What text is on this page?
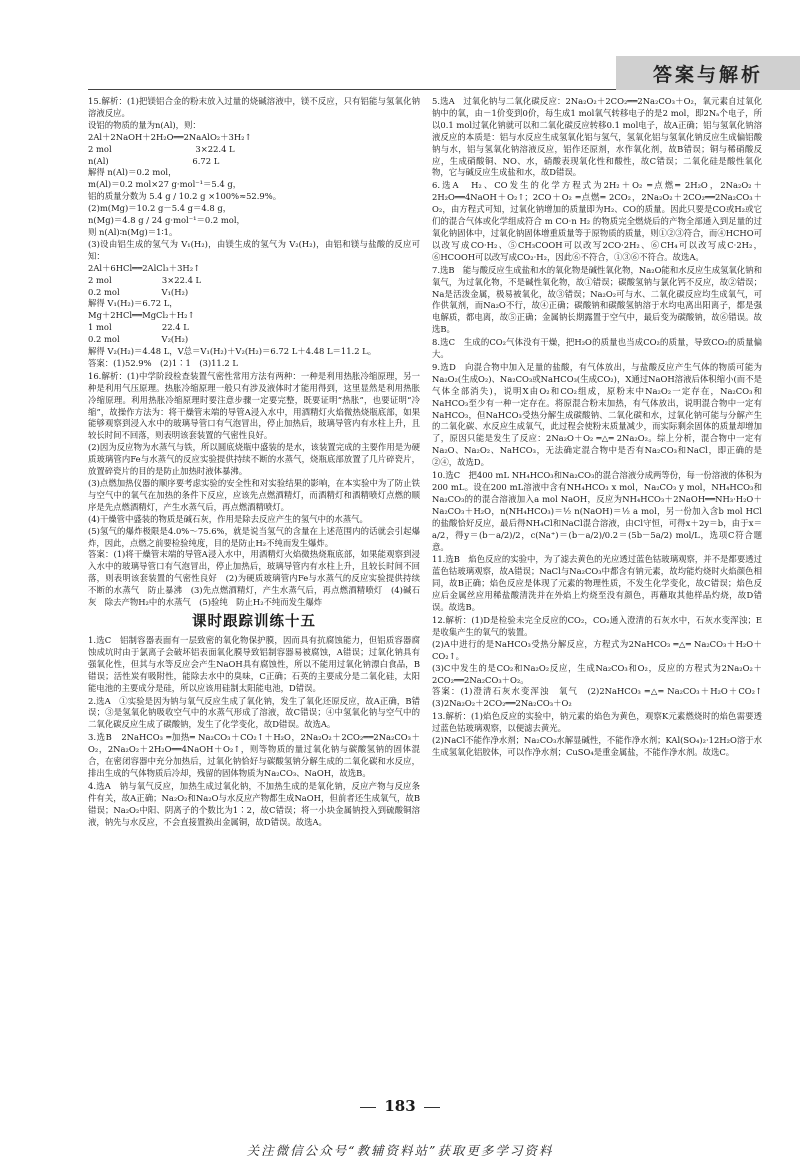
答案与解析
15.解析：(1)把镁铝合金的粉末放入过量的烧碱溶液中，镁不反应，只有铝能与氢氧化钠溶液反应。
设铝的物质的量为n(Al)，则：
2Al＋2NaOH＋2H₂O══2NaAlO₂＋3H₂↑
2 mol　　　　　　　　　　3×22.4 L
n(Al)　　　　　　　　　　6.72 L
解得 n(Al)＝0.2 mol，
m(Al)＝0.2 mol×27 g·mol⁻¹＝5.4 g，
铝的质量分数为 5.4 g / 10.2 g ×100%≈52.9%。
(2)m(Mg)＝10.2 g－5.4 g＝4.8 g，
n(Mg)＝4.8 g / 24 g·mol⁻¹＝0.2 mol，
则 n(Al)∶n(Mg)＝1∶1。
(3)设由铝生成的氢气为 V₁(H₂)，由镁生成的氢气为 V₂(H₂)，由铝和镁与盐酸的反应可知：
2Al＋6HCl══2AlCl₃＋3H₂↑
2 mol　　　　　　3×22.4 L
0.2 mol　　　　　V₁(H₂)
解得 V₁(H₂)＝6.72 L，
Mg＋2HCl══MgCl₂＋H₂↑
1 mol　　　　　　22.4 L
0.2 mol　　　　　V₂(H₂)
解得 V₂(H₂)＝4.48 L，V总＝V₁(H₂)＋V₂(H₂)＝6.72 L＋4.48 L＝11.2 L。
答案：(1)52.9%　(2)1∶1　(3)11.2 L
16.解析：(1)中学阶段检查装置气密性常用方法有两种：一种是利用热胀冷缩原理，另一种是利用气压原理。热胀冷缩原理一般只有涉及液体时才能用得到，这里显然是利用热胀冷缩原理。利用热胀冷缩原理时要注意步骤一定要完整，既要证明“热胀”，也要证明“冷缩”，故操作方法为：将干燥管末端的导管A浸入水中，用酒精灯火焰微热烧瓶底部，如果能够观察到浸入水中的玻璃导管口有气泡冒出，停止加热后，玻璃导管内有水柱上升，且较长时间不回落，则表明该套装置的气密性良好。
(2)因为反应物为水蒸气与铁，所以圆底烧瓶中盛装的是水，该装置完成的主要作用是为硬质玻璃管内Fe与水蒸气的反应实验提供持续不断的水蒸气，烧瓶底部放置了几片碎瓷片，放置碎瓷片的目的是防止加热时液体暴沸。
(3)点燃加热仪器的顺序要考虑实验的安全性和对实验结果的影响，在本实验中为了防止铁与空气中的氧气在加热的条件下反应，应该先点燃酒精灯，而酒精灯和酒精喷灯点燃的顺序是先点燃酒精灯，产生水蒸气后，再点燃酒精喷灯。
(4)干燥管中盛装的物质是碱石灰，作用是除去反应产生的氢气中的水蒸气。
(5)氢气的爆炸极限是4.0%～75.6%，就是说当氢气的含量在上述范围内的话就会引起爆炸，因此，点燃之前要检验纯度，目的是防止H₂不纯而发生爆炸。
答案：(1)将干燥管末端的导管A浸入水中，用酒精灯火焰微热烧瓶底部，如果能观察到浸入水中的玻璃导管口有气泡冒出，停止加热后，玻璃导管内有水柱上升，且较长时间不回落，则表明该套装置的气密性良好　(2)为硬质玻璃管内Fe与水蒸气的反应实验提供持续不断的水蒸气　防止暴沸　(3)先点燃酒精灯，产生水蒸气后，再点燃酒精喷灯　(4)碱石灰　除去产物H₂中的水蒸气　(5)验纯　防止H₂不纯而发生爆炸
课时跟踪训练十五
1.选C　铝制容器表面有一层致密的氧化物保护膜，因而具有抗腐蚀能力，但铝质容器腐蚀成坑时由于氯离子会破坏铝表面氧化膜导致铝制容器易被腐蚀，A错误；过氧化钠具有强氧化性，但其与水等反应会产生NaOH具有腐蚀性，所以不能用过氧化钠漂白食品，B错误；活性炭有吸附性，能除去水中的臭味，C正确；石英的主要成分是二氧化硅，太阳能电池的主要成分是硅，所以应该用硅制太阳能电池，D错误。
2.选A　①实验是因为钠与氧气反应生成了氧化钠，发生了氧化还原反应，故A正确，B错误；③是氢氧化钠吸收空气中的水蒸气形成了溶液，故C错误；④中氢氧化钠与空气中的二氧化碳反应生成了碳酸钠，发生了化学变化，故D错误。故选A。
3.选B　2NaHCO₃ ═加热═ Na₂CO₃＋CO₂↑＋H₂O，2Na₂O₂＋2CO₂══2Na₂CO₃＋O₂，2Na₂O₂＋2H₂O══4NaOH＋O₂↑，则等物质的量过氧化钠与碳酸氢钠的固体混合，在密闭容器中充分加热后，过氧化钠恰好与碳酸氢钠分解生成的二氧化碳和水反应，排出生成的气体物质后冷却，残留的固体物质为Na₂CO₃、NaOH，故选B。
4.选A　钠与氧气反应，加热生成过氧化钠，不加热生成的是氧化钠，反应产物与反应条件有关，故A正确；Na₂O₂和Na₂O与水反应产物都生成NaOH，但前者还生成氧气，故B错误；Na₂O₂中阳、阴离子的个数比为1∶2，故C错误；将一小块金属钠投入到硫酸铜溶液，钠先与水反应，不会直接置换出金属铜，故D错误。故选A。
5.选A　过氧化钠与二氧化碳反应：2Na₂O₂＋2CO₂══2Na₂CO₃＋O₂，氧元素自过氧化钠中的氧，由－1价变到0价，每生成1 mol氧气转移电子的是2 mol，即2Nₐ个电子，所以0.1 mol过氧化钠就可以和二氧化碳反应转移0.1 mol电子，故A正确；铝与氢氧化钠溶液反应的本质是：铝与水反应生成氢氧化铝与氢气，氢氧化铝与氢氧化钠反应生成偏铝酸钠与水，铝与氢氧化钠溶液反应，铝作还原剂，水作氧化剂，故B错误；铜与稀硝酸反应，生成硝酸铜、NO、水，硝酸表现氧化性和酸性，故C错误；二氧化硅是酸性氧化物，它与碱反应生成盐和水，故D错误。
6.选A　H₂、CO发生的化学方程式为2H₂＋O₂ ═点燃═ 2H₂O，2Na₂O₂＋2H₂O══4NaOH＋O₂↑；2CO＋O₂ ═点燃═ 2CO₂，2Na₂O₂＋2CO₂══2Na₂CO₃＋O₂，由方程式可知，过氧化钠增加的质量即为H₂、CO的质量。因此只要是CO或H₂或它们的混合气体或化学组成符合 m CO·n H₂ 的物质完全燃烧后的产物全部通入到足量的过氧化钠固体中，过氧化钠固体增重质量等于原物质的质量，则①②③符合，而④HCHO可以改写成CO·H₂、⑤CH₃COOH可以改写2CO·2H₂、⑥CH₄可以改写成C·2H₂，⑥HCOOH可以改写成CO₂·H₂，因此⑥不符合，①③⑥不符合。故选A。
7.选B　能与酸反应生成盐和水的氧化物是碱性氧化物，Na₂O能和水反应生成氢氧化钠和氧气，为过氧化物，不是碱性氧化物，故①错误；碳酸氢钠与氯化钙不反应，故②错误；Na是活泼金属，极易被氧化，故③错误；Na₂O₂可与水、二氧化碳反应均生成氧气，可作供氧剂，而Na₂O不行，故④正确；碳酸钠和碳酸氢钠溶于水均电离出阳离子，都是强电解质，都电离，故⑤正确；金属钠长期露置于空气中，最后变为碳酸钠，故⑥错误。故选B。
8.选C　生成的CO₂气体没有干燥，把H₂O的质量也当成CO₂的质量，导致CO₂的质量偏大。
9.选D　向混合物中加入足量的盐酸，有气体放出，与盐酸反应产生气体的物质可能为Na₂O₂(生成O₂)、Na₂CO₃或NaHCO₃(生成CO₂)，X通过NaOH溶液后体积缩小(而不是气体全部消失)，说明X由O₂和CO₂组成，原粉末中Na₂O₂一定存在，Na₂CO₃和NaHCO₃至少有一种一定存在。将原混合粉末加热，有气体放出，说明混合物中一定有NaHCO₃，但NaHCO₃受热分解生成碳酸钠、二氧化碳和水，过氧化钠可能与分解产生的二氧化碳、水反应生成氧气，此过程会使粉末质量减少，而实际剩余固体的质量却增加了，原因只能是发生了反应：2Na₂O＋O₂ ═△═ 2Na₂O₂。综上分析，混合物中一定有Na₂O、Na₂O₂、NaHCO₃，无法确定混合物中是否有Na₂CO₃和NaCl，即正确的是②④，故选D。
10.选C　把400 mL NH₄HCO₃和Na₂CO₃的混合溶液分成两等份，每一份溶液的体积为200 mL。设在200 mL溶液中含有NH₄HCO₃ x mol，Na₂CO₃ y mol，NH₄HCO₃和Na₂CO₃的的混合溶液加入a mol NaOH，反应为NH₄HCO₃＋2NaOH══NH₃·H₂O＋Na₂CO₃＋H₂O，n(NH₄HCO₃)＝½ n(NaOH)＝½ a mol，另一份加入含b mol HCl的盐酸恰好反应，最后得NH₄Cl和NaCl混合溶液，由Cl守恒，可得x＋2y＝b，由于x＝a/2，得y＝(b－a/2)/2，c(Na⁺)＝(b－a/2)/0.2＝(5b－5a/2) mol/L，选项C符合题意。
11.选B　焰色反应的实验中，为了滤去黄色的光应透过蓝色钴玻璃观察，并不是都要透过蓝色钴玻璃观察，故A错误；NaCl与Na₂CO₃中都含有钠元素，故均能灼烧时火焰颜色相同，故B正确；焰色反应是体现了元素的物理性质，不发生化学变化，故C错误；焰色反应后金属丝应用稀盐酸清洗并在外焰上灼烧至没有颜色，再蘸取其他样品灼烧，故D错误。故选B。
12.解析：(1)D是检验未完全反应的CO₂，CO₂通入澄清的石灰水中，石灰水变浑浊；E是收集产生的氧气的装置。
(2)A中进行的是NaHCO₃受热分解反应，方程式为2NaHCO₃ ═△═ Na₂CO₃＋H₂O＋CO₂↑。
(3)C中发生的是CO₂和Na₂O₂反应，生成Na₂CO₃和O₂，反应的方程式为2Na₂O₂＋2CO₂══2Na₂CO₃＋O₂。
答案：(1)澄清石灰水变浑浊　氧气　(2)2NaHCO₃ ═△═ Na₂CO₃＋H₂O＋CO₂↑　(3)2Na₂O₂＋2CO₂══2Na₂CO₃＋O₂
13.解析：(1)焰色反应的实验中，钠元素的焰色为黄色，观察K元素燃烧时的焰色需要透过蓝色钴玻璃观察，以便滤去黄光。
(2)NaCl不能作净水剂；Na₂CO₃水解显碱性，不能作净水剂；KAl(SO₄)₂·12H₂O溶于水生成氢氧化铝胶体，可以作净水剂；CuSO₄是重金属盐，不能作净水剂。故选C。
183
关注微信公众号“教辅资料站”获取更多学习资料
